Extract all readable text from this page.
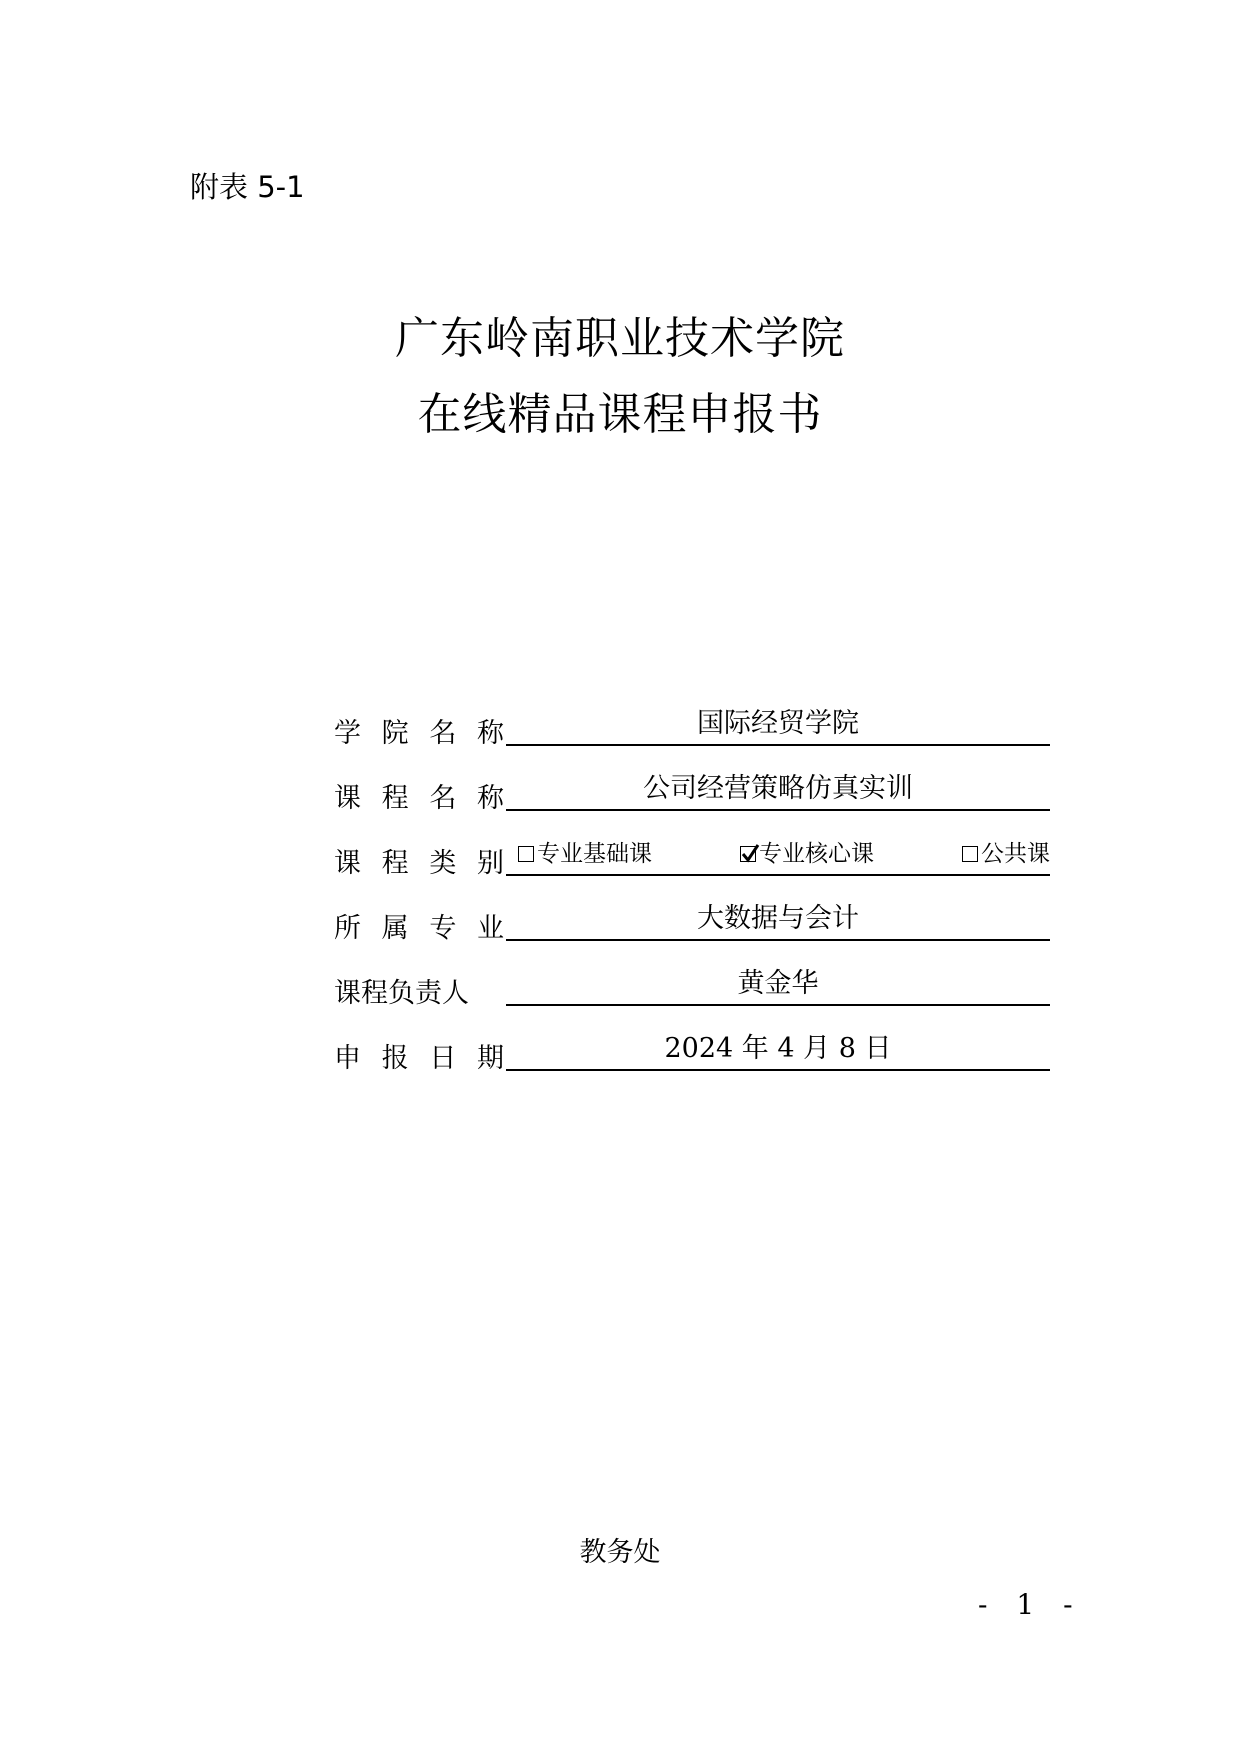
附表 5-1
广东岭南职业技术学院
在线精品课程申报书
学 院 名 称	国际经贸学院
课 程 名 称	公司经营策略仿真实训
课 程 类 别 专业基础课	专业核心课	公共课
所 属 专 业	大数据与会计
课程负责人	黄金华
申 报 日 期	2024 年 4 月 8 日
教务处
- 1 -
